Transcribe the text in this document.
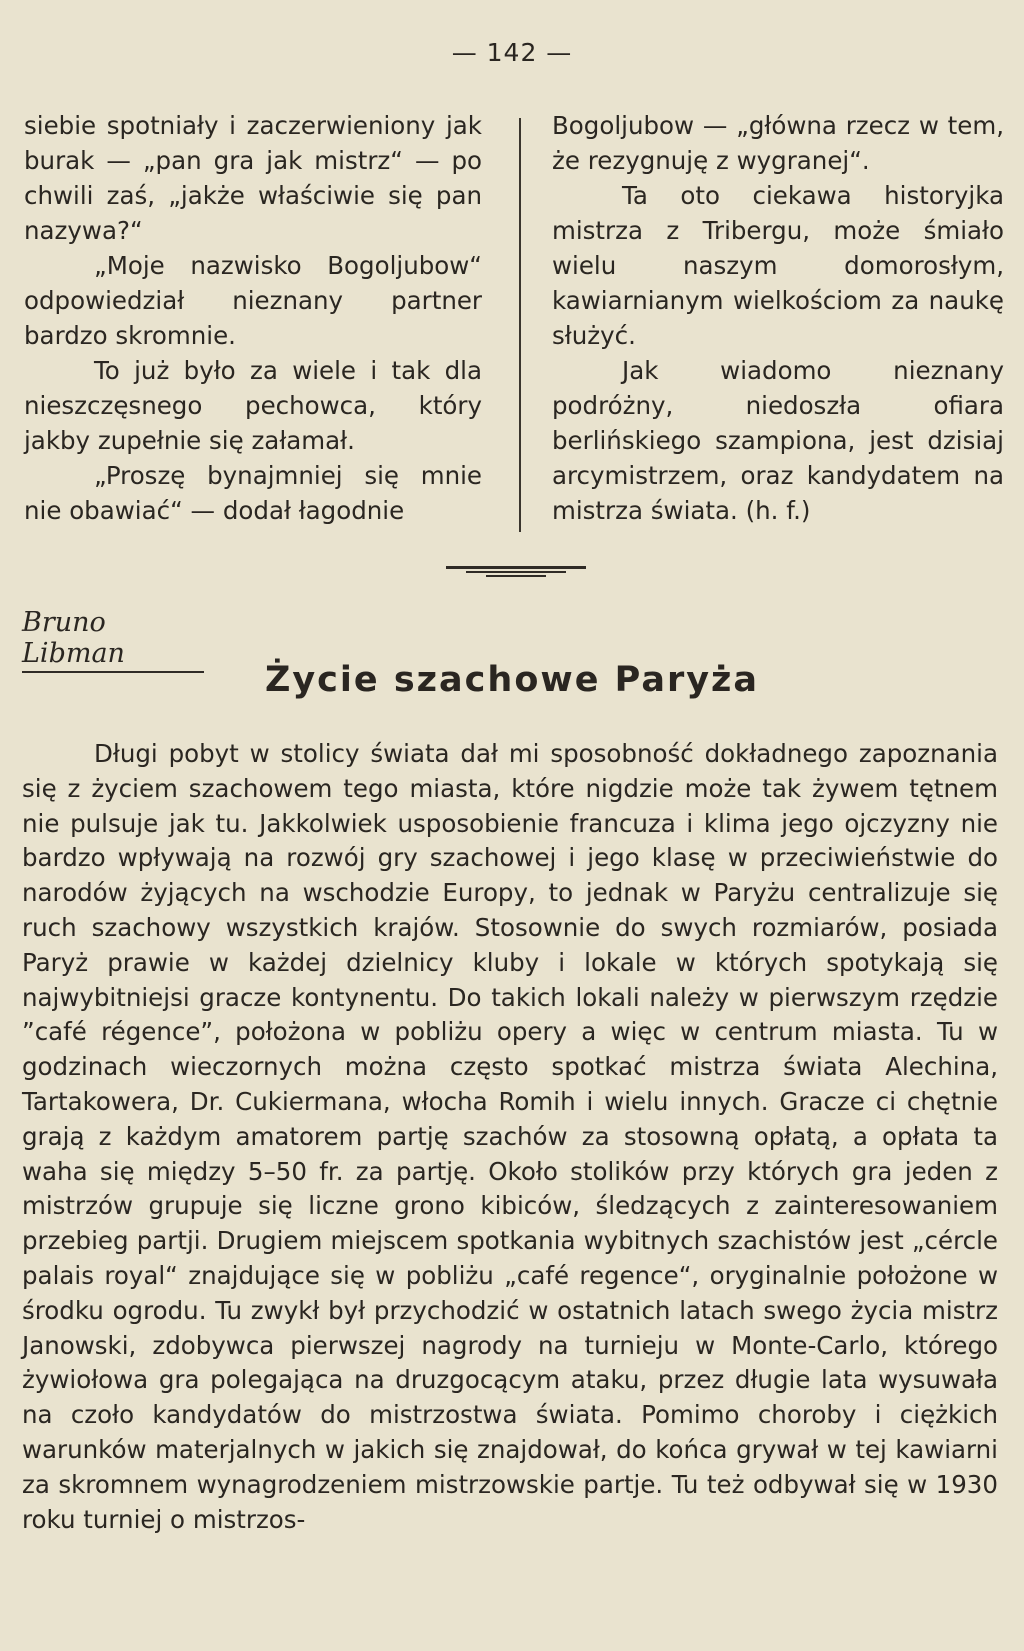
— 142 —

siebie spotniały i zaczerwieniony jak burak — „pan gra jak mistrz“ — po chwili zaś, „jakże właściwie się pan nazywa?“

„Moje nazwisko Bogoljubow“ odpowiedział nieznany partner bardzo skromnie.

To już było za wiele i tak dla nieszczęsnego pechowca, który jakby zupełnie się załamał.

„Proszę bynajmniej się mnie nie obawiać“ — dodał łagodnie

Bogoljubow — „główna rzecz w tem, że rezygnuję z wygranej“.

Ta oto ciekawa historyjka mistrza z Tribergu, może śmiało wielu naszym domorosłym, kawiarnianym wielkościom za naukę służyć.

Jak wiadomo nieznany podróżny, niedoszła ofiara berlińskiego szampiona, jest dzisiaj arcymistrzem, oraz kandydatem na mistrza świata. (h. f.)

Bruno Libman
Życie szachowe Paryża

Długi pobyt w stolicy świata dał mi sposobność dokładnego zapoznania się z życiem szachowem tego miasta, które nigdzie może tak żywem tętnem nie pulsuje jak tu. Jakkolwiek usposobienie francuza i klima jego ojczyzny nie bardzo wpływają na rozwój gry szachowej i jego klasę w przeciwieństwie do narodów żyjących na wschodzie Europy, to jednak w Paryżu centralizuje się ruch szachowy wszystkich krajów. Stosownie do swych rozmiarów, posiada Paryż prawie w każdej dzielnicy kluby i lokale w których spotykają się najwybitniejsi gracze kontynentu. Do takich lokali należy w pierwszym rzędzie ”café régence”, położona w pobliżu opery a więc w centrum miasta. Tu w godzinach wieczornych można często spotkać mistrza świata Alechina, Tartakowera, Dr. Cukiermana, włocha Romih i wielu innych. Gracze ci chętnie grają z każdym amatorem partję szachów za stosowną opłatą, a opłata ta waha się między 5–50 fr. za partję. Około stolików przy których gra jeden z mistrzów grupuje się liczne grono kibiców, śledzących z zainteresowaniem przebieg partji. Drugiem miejscem spotkania wybitnych szachistów jest „cércle palais royal“ znajdujące się w pobliżu „café regence“, oryginalnie położone w środku ogrodu. Tu zwykł był przychodzić w ostatnich latach swego życia mistrz Janowski, zdobywca pierwszej nagrody na turnieju w Monte-Carlo, którego żywiołowa gra polegająca na druzgocącym ataku, przez długie lata wysuwała na czoło kandydatów do mistrzostwa świata. Pomimo choroby i ciężkich warunków materjalnych w jakich się znajdował, do końca grywał w tej kawiarni za skromnem wynagrodzeniem mistrzowskie partje. Tu też odbywał się w 1930 roku turniej o mistrzos-
